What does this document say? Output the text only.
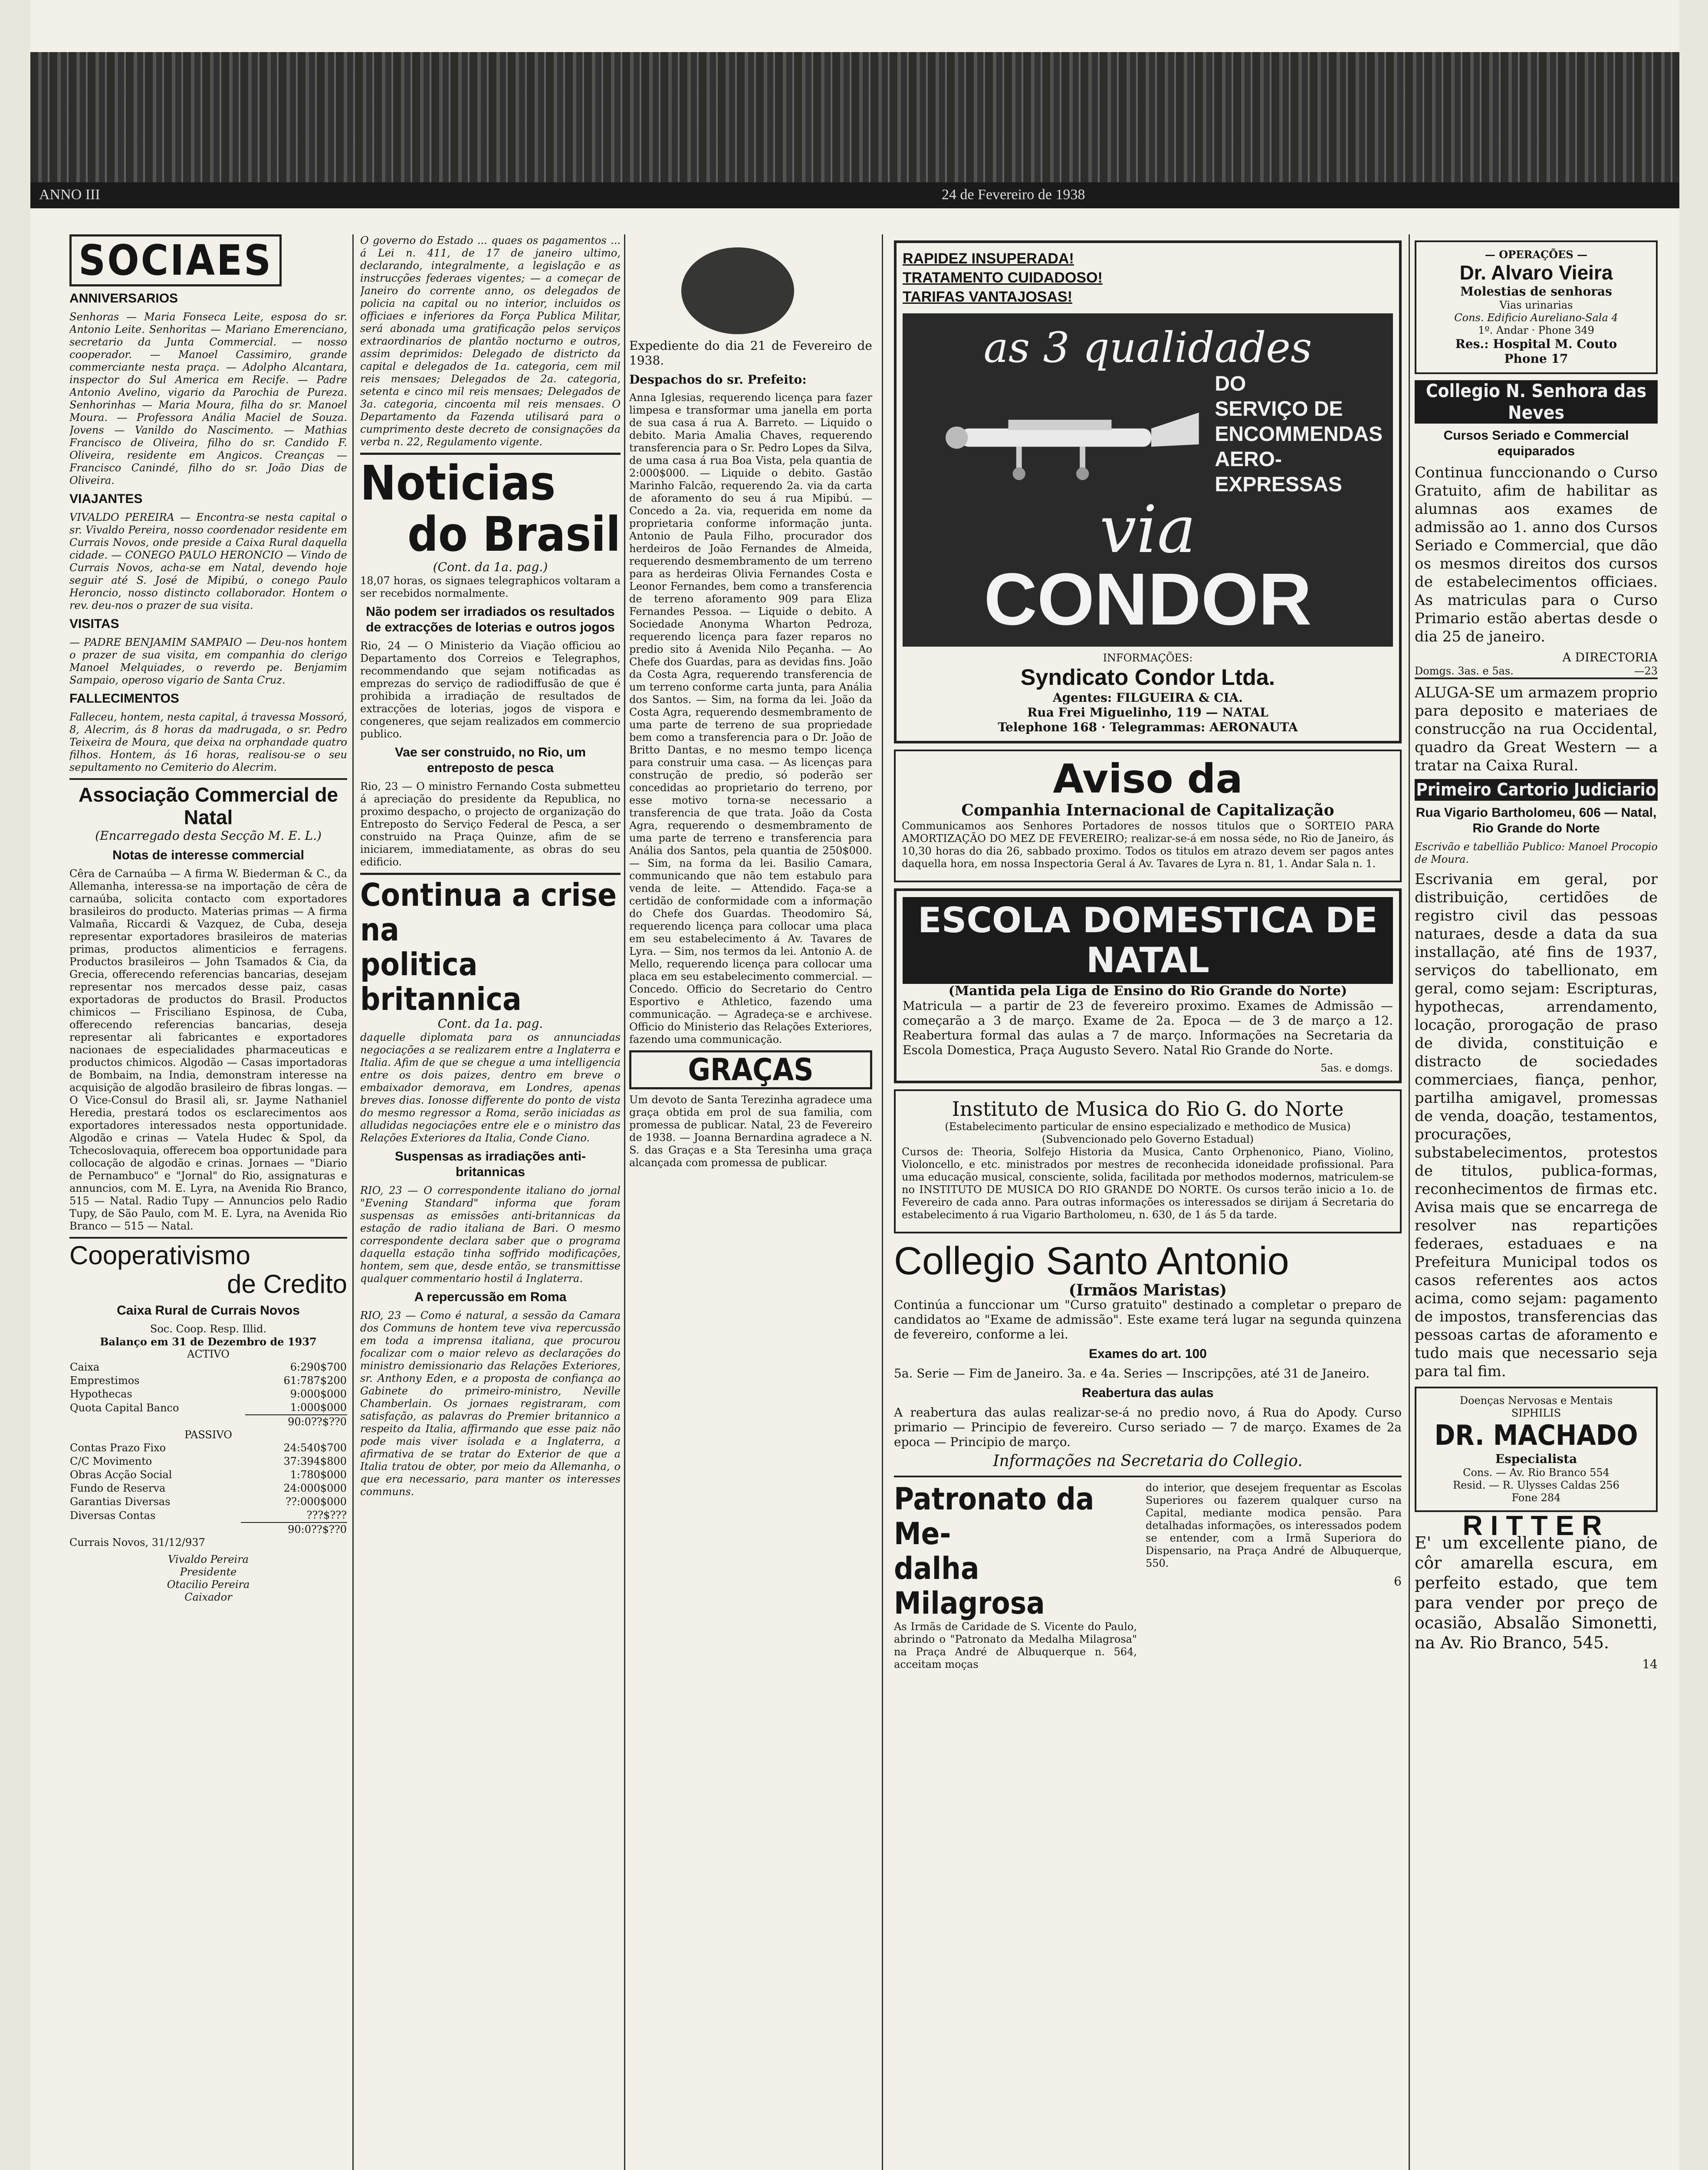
ANNO III	24 de Fevereiro de 1938
SOCIAES
ANNIVERSARIOS

Senhoras — Maria Fonseca Leite, esposa do sr. Antonio Leite. Senhoritas — Mariano Emerenciano, secretario da Junta Commercial. — nosso cooperador. — Manoel Cassimiro, grande commerciante nesta praça. — Adolpho Alcantara, inspector do Sul America em Recife. — Padre Antonio Avelino, vigario da Parochia de Pureza. Senhorinhas — Maria Moura, filha do sr. Manoel Moura. — Professora Anália Maciel de Souza. Jovens — Vanildo do Nascimento. — Mathias Francisco de Oliveira, filho do sr. Candido F. Oliveira, residente em Angicos. Creanças — Francisco Canindé, filho do sr. João Dias de Oliveira.

VIAJANTES

VIVALDO PEREIRA — Encontra-se nesta capital o sr. Vivaldo Pereira, nosso coordenador residente em Currais Novos, onde preside a Caixa Rural daquella cidade. — CONEGO PAULO HERONCIO — Vindo de Currais Novos, acha-se em Natal, devendo hoje seguir até S. José de Mipibú, o conego Paulo Heroncio, nosso distincto collaborador. Hontem o rev. deu-nos o prazer de sua visita.

VISITAS

— PADRE BENJAMIM SAMPAIO — Deu-nos hontem o prazer de sua visita, em companhia do clerigo Manoel Melquiades, o reverdo pe. Benjamim Sampaio, operoso vigario de Santa Cruz.

FALLECIMENTOS

Falleceu, hontem, nesta capital, á travessa Mossoró, 8, Alecrim, ás 8 horas da madrugada, o sr. Pedro Teixeira de Moura, que deixa na orphandade quatro filhos. Hontem, ás 16 horas, realisou-se o seu sepultamento no Cemiterio do Alecrim.

Associação Commercial de Natal
(Encarregado desta Secção M. E. L.)
Notas de interesse commercial

Cêra de Carnaúba — A firma W. Biederman & C., da Allemanha, interessa-se na importação de cêra de carnaúba, solicita contacto com exportadores brasileiros do producto. Materias primas — A firma Valmaña, Riccardi & Vazquez, de Cuba, deseja representar exportadores brasileiros de materias primas, productos alimenticios e ferragens. Productos brasileiros — John Tsamados & Cia, da Grecia, offerecendo referencias bancarias, desejam representar nos mercados desse paiz, casas exportadoras de productos do Brasil. Productos chimicos — Frisciliano Espinosa, de Cuba, offerecendo referencias bancarias, deseja representar ali fabricantes e exportadores nacionaes de especialidades pharmaceuticas e productos chimicos. Algodão — Casas importadoras de Bombaim, na India, demonstram interesse na acquisição de algodão brasileiro de fibras longas. — O Vice-Consul do Brasil ali, sr. Jayme Nathaniel Heredia, prestará todos os esclarecimentos aos exportadores interessados nesta opportunidade. Algodão e crinas — Vatela Hudec & Spol, da Tchecoslovaquia, offerecem boa opportunidade para collocação de algodão e crinas. Jornaes — "Diario de Pernambuco" e "Jornal" do Rio, assignaturas e annuncios, com M. E. Lyra, na Avenida Rio Branco, 515 — Natal. Radio Tupy — Annuncios pelo Radio Tupy, de São Paulo, com M. E. Lyra, na Avenida Rio Branco — 515 — Natal.

Cooperativismo
de Credito
Caixa Rural de Currais Novos
Soc. Coop. Resp. Illid.
Balanço em 31 de Dezembro de 1937
ACTIVO
Caixa	6:290$700
Emprestimos	61:787$200
Hypothecas	9:000$000
Quota Capital Banco	1:000$000
	90:0??$??0
PASSIVO
Contas Prazo Fixo	24:540$700
C/C Movimento	37:394$800
Obras Acção Social	1:780$000
Fundo de Reserva	24:000$000
Garantias Diversas	??:000$000
Diversas Contas	???$???
	90:0??$??0

Currais Novos, 31/12/937

Vivaldo Pereira
Presidente
Otacilio Pereira
Caixador

O governo do Estado ... quaes os pagamentos ... á Lei n. 411, de 17 de janeiro ultimo, declarando, integralmente, a legislação e as instrucções federaes vigentes; — a começar de Janeiro do corrente anno, os delegados de policia na capital ou no interior, incluidos os officiaes e inferiores da Força Publica Militar, será abonada uma gratificação pelos serviços extraordinarios de plantão nocturno e outros, assim deprimidos: Delegado de districto da capital e delegados de 1a. categoria, cem mil reis mensaes; Delegados de 2a. categoria, setenta e cinco mil reis mensaes; Delegados de 3a. categoria, cincoenta mil reis mensaes. O Departamento da Fazenda utilisará para o cumprimento deste decreto de consignações da verba n. 22, Regulamento vigente.

Noticias
do Brasil
(Cont. da 1a. pag.)

18,07 horas, os signaes telegraphicos voltaram a ser recebidos normalmente.

Não podem ser irradiados os resultados de extracções de loterias e outros jogos

Rio, 24 — O Ministerio da Viação officiou ao Departamento dos Correios e Telegraphos, recommendando que sejam notificadas as emprezas do serviço de radiodiffusão de que é prohibida a irradiação de resultados de extracções de loterias, jogos de vispora e congeneres, que sejam realizados em commercio publico.

Vae ser construido, no Rio, um entreposto de pesca

Rio, 23 — O ministro Fernando Costa submetteu á apreciação do presidente da Republica, no proximo despacho, o projecto de organização do Entreposto do Serviço Federal de Pesca, a ser construido na Praça Quinze, afim de se iniciarem, immediatamente, as obras do seu edificio.

Continua a crise na
politica britannica
Cont. da 1a. pag.

daquelle diplomata para os annunciadas negociações a se realizarem entre a Inglaterra e Italia. Afim de que se chegue a uma intelligencia entre os dois paizes, dentro em breve o embaixador demorava, em Londres, apenas breves dias. Ionosse differente do ponto de vista do mesmo regressor a Roma, serão iniciadas as alludidas negociações entre ele e o ministro das Relações Exteriores da Italia, Conde Ciano.

Suspensas as irradiações anti-britannicas

RIO, 23 — O correspondente italiano do jornal "Evening Standard" informa que foram suspensas as emissões anti-britannicas da estação de radio italiana de Bari. O mesmo correspondente declara saber que o programa daquella estação tinha soffrido modificações, hontem, sem que, desde então, se transmittisse qualquer commentario hostil á Inglaterra.

A repercussão em Roma

RIO, 23 — Como é natural, a sessão da Camara dos Communs de hontem teve viva repercussão em toda a imprensa italiana, que procurou focalizar com o maior relevo as declarações do ministro demissionario das Relações Exteriores, sr. Anthony Eden, e a proposta de confiança ao Gabinete do primeiro-ministro, Neville Chamberlain. Os jornaes registraram, com satisfação, as palavras do Premier britannico a respeito da Italia, affirmando que esse paiz não pode mais viver isolada e a Inglaterra, a afirmativa de se tratar do Exterior de que a Italia tratou de obter, por meio da Allemanha, o que era necessario, para manter os interesses communs.

Expediente do dia 21 de Fevereiro de 1938.

Despachos do sr. Prefeito:

Anna Iglesias, requerendo licença para fazer limpesa e transformar uma janella em porta de sua casa á rua A. Barreto. — Liquido o debito. Maria Amalia Chaves, requerendo transferencia para o Sr. Pedro Lopes da Silva, de uma casa á rua Boa Vista, pela quantia de 2:000$000. — Liquide o debito. Gastão Marinho Falcão, requerendo 2a. via da carta de aforamento do seu á rua Mipibú. — Concedo a 2a. via, requerida em nome da proprietaria conforme informação junta. Antonio de Paula Filho, procurador dos herdeiros de João Fernandes de Almeida, requerendo desmembramento de um terreno para as herdeiras Olivia Fernandes Costa e Leonor Fernandes, bem como a transferencia de terreno aforamento 909 para Eliza Fernandes Pessoa. — Liquide o debito. A Sociedade Anonyma Wharton Pedroza, requerendo licença para fazer reparos no predio sito á Avenida Nilo Peçanha. — Ao Chefe dos Guardas, para as devidas fins. João da Costa Agra, requerendo transferencia de um terreno conforme carta junta, para Anália dos Santos. — Sim, na forma da lei. João da Costa Agra, requerendo desmembramento de uma parte de terreno de sua propriedade bem como a transferencia para o Dr. João de Britto Dantas, e no mesmo tempo licença para construir uma casa. — As licenças para construção de predio, só poderão ser concedidas ao proprietario do terreno, por esse motivo torna-se necessario a transferencia de que trata. João da Costa Agra, requerendo o desmembramento de uma parte de terreno e transferencia para Anália dos Santos, pela quantia de 250$000. — Sim, na forma da lei. Basilio Camara, communicando que não tem estabulo para venda de leite. — Attendido. Faça-se a certidão de conformidade com a informação do Chefe dos Guardas. Theodomiro Sá, requerendo licença para collocar uma placa em seu estabelecimento á Av. Tavares de Lyra. — Sim, nos termos da lei. Antonio A. de Mello, requerendo licença para collocar uma placa em seu estabelecimento commercial. — Concedo. Officio do Secretario do Centro Esportivo e Athletico, fazendo uma communicação. — Agradeça-se e archivese. Officio do Ministerio das Relações Exteriores, fazendo uma communicação.

GRAÇAS

Um devoto de Santa Terezinha agradece uma graça obtida em prol de sua familia, com promessa de publicar. Natal, 23 de Fevereiro de 1938. — Joanna Bernardina agradece a N. S. das Graças e a Sta Teresinha uma graça alcançada com promessa de publicar.

RAPIDEZ INSUPERADA!
TRATAMENTO CUIDADOSO!
TARIFAS VANTAJOSAS!
as 3 qualidades
DO
SERVIÇO DE
ENCOMMENDAS
AERO-
EXPRESSAS
via
CONDOR
INFORMAÇÕES:
Syndicato Condor Ltda.
Agentes: FILGUEIRA & CIA.
Rua Frei Miguelinho, 119 — NATAL
Telephone 168 · Telegrammas: AERONAUTA
Aviso da
Companhia Internacional de Capitalização

Communicamos aos Senhores Portadores de nossos titulos que o SORTEIO PARA AMORTIZAÇÃO DO MEZ DE FEVEREIRO; realizar-se-á em nossa séde, no Rio de Janeiro, ás 10,30 horas do dia 26, sabbado proximo. Todos os titulos em atrazo devem ser pagos antes daquella hora, em nossa Inspectoria Geral á Av. Tavares de Lyra n. 81, 1. Andar Sala n. 1.

ESCOLA DOMESTICA DE NATAL
(Mantida pela Liga de Ensino do Rio Grande do Norte)

Matricula — a partir de 23 de fevereiro proximo. Exames de Admissão — começarão a 3 de março. Exame de 2a. Epoca — de 3 de março a 12. Reabertura formal das aulas a 7 de março. Informações na Secretaria da Escola Domestica, Praça Augusto Severo. Natal Rio Grande do Norte.

5as. e domgs.
Instituto de Musica do Rio G. do Norte
(Estabelecimento particular de ensino especializado e methodico de Musica) (Subvencionado pelo Governo Estadual)

Cursos de: Theoria, Solfejo Historia da Musica, Canto Orphenonico, Piano, Violino, Violoncello, e etc. ministrados por mestres de reconhecida idoneidade profissional. Para uma educação musical, consciente, solida, facilitada por methodos modernos, matriculem-se no INSTITUTO DE MUSICA DO RIO GRANDE DO NORTE. Os cursos terão inicio a 1o. de Fevereiro de cada anno. Para outras informações os interessados se dirijam á Secretaria do estabelecimento á rua Vigario Bartholomeu, n. 630, de 1 ás 5 da tarde.

Collegio Santo Antonio
(Irmãos Maristas)

Continúa a funccionar um "Curso gratuito" destinado a completar o preparo de candidatos ao "Exame de admissão". Este exame terá lugar na segunda quinzena de fevereiro, conforme a lei.

Exames do art. 100

5a. Serie — Fim de Janeiro. 3a. e 4a. Series — Inscripções, até 31 de Janeiro.

Reabertura das aulas

A reabertura das aulas realizar-se-á no predio novo, á Rua do Apody. Curso primario — Principio de fevereiro. Curso seriado — 7 de março. Exames de 2a epoca — Principio de março.

Informações na Secretaria do Collegio.
Patronato da Me-
dalha Milagrosa

As Irmãs de Caridade de S. Vicente do Paulo, abrindo o "Patronato da Medalha Milagrosa" na Praça André de Albuquerque n. 564, acceitam moças

do interior, que desejem frequentar as Escolas Superiores ou fazerem qualquer curso na Capital, mediante modica pensão. Para detalhadas informações, os interessados podem se entender, com a Irmã Superiora do Dispensario, na Praça André de Albuquerque, 550.

6
— OPERAÇÕES —
Dr. Alvaro Vieira
Molestias de senhoras
Vias urinarias
Cons. Edificio Aureliano-Sala 4
1º. Andar · Phone 349
Res.: Hospital M. Couto
Phone 17
Collegio N. Senhora das Neves
Cursos Seriado e Commercial equiparados

Continua funccionando o Curso Gratuito, afim de habilitar as alumnas aos exames de admissão ao 1. anno dos Cursos Seriado e Commercial, que dão os mesmos direitos dos cursos de estabelecimentos officiaes. As matriculas para o Curso Primario estão abertas desde o dia 25 de janeiro.

A DIRECTORIA
Domgs. 3as. e 5as.	—23

ALUGA-SE um armazem proprio para deposito e materiaes de construcção na rua Occidental, quadro da Great Western — a tratar na Caixa Rural.

Primeiro Cartorio Judiciario
Rua Vigario Bartholomeu, 606 — Natal, Rio Grande do Norte

Escrivão e tabellião Publico: Manoel Procopio de Moura.

Escrivania em geral, por distribuição, certidões de registro civil das pessoas naturaes, desde a data da sua installação, até fins de 1937, serviços do tabellionato, em geral, como sejam: Escripturas, hypothecas, arrendamento, locação, prorogação de praso de divida, constituição e distracto de sociedades commerciaes, fiança, penhor, partilha amigavel, promessas de venda, doação, testamentos, procurações, substabelecimentos, protestos de titulos, publica-formas, reconhecimentos de firmas etc. Avisa mais que se encarrega de resolver nas repartições federaes, estaduaes e na Prefeitura Municipal todos os casos referentes aos actos acima, como sejam: pagamento de impostos, transferencias das pessoas cartas de aforamento e tudo mais que necessario seja para tal fim.

Doenças Nervosas e Mentais
SIPHILIS
DR. MACHADO
Especialista
Cons. — Av. Rio Branco 554
Resid. — R. Ulysses Caldas 256
Fone 284
RITTER

E' um excellente piano, de côr amarella escura, em perfeito estado, que tem para vender por preço de ocasião, Absalão Simonetti, na Av. Rio Branco, 545.

14
